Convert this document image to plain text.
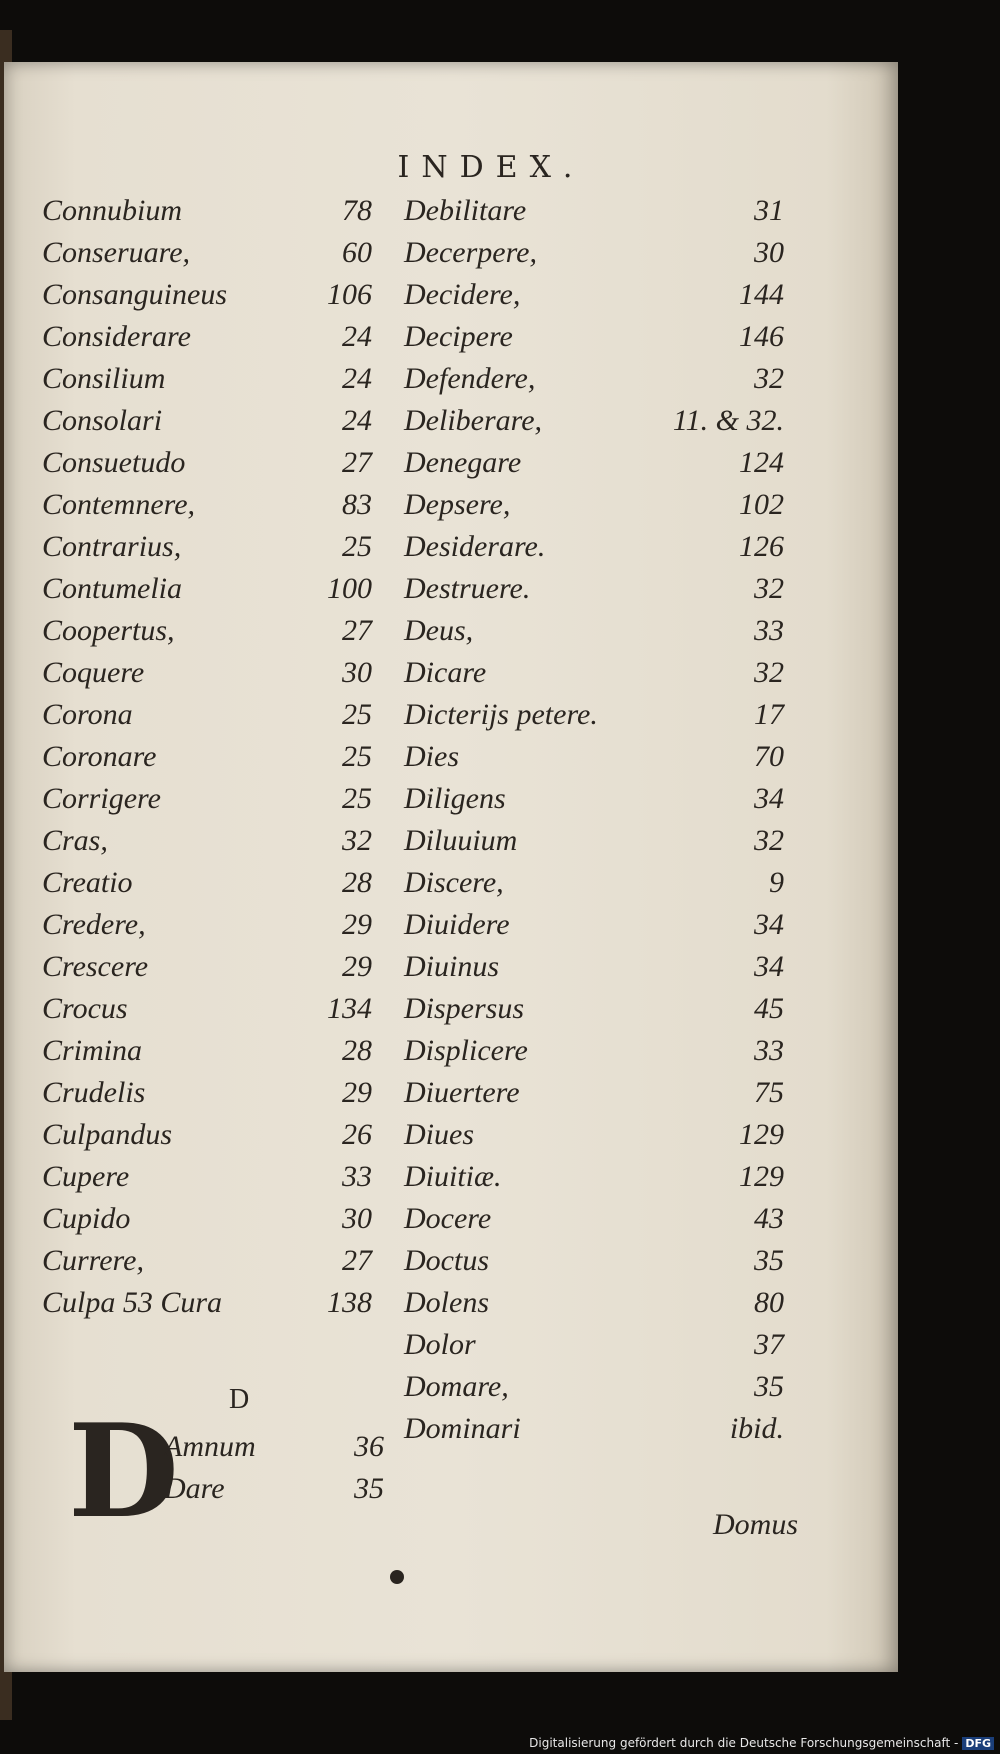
INDEX.
Connubium	78
Conseruare,	60
Consanguineus	106
Considerare	24
Consilium	24
Consolari	24
Consuetudo	27
Contemnere,	83
Contrarius,	25
Contumelia	100
Coopertus,	27
Coquere	30
Corona	25
Coronare	25
Corrigere	25
Cras,	32
Creatio	28
Credere,	29
Crescere	29
Crocus	134
Crimina	28
Crudelis	29
Culpandus	26
Cupere	33
Cupido	30
Currere,	27
Culpa 53 Cura	138
Debilitare	31
Decerpere,	30
Decidere,	144
Decipere	146
Defendere,	32
Deliberare,	11. & 32.
Denegare	124
Depsere,	102
Desiderare.	126
Destruere.	32
Deus,	33
Dicare	32
Dicterijs petere.	17
Dies	70
Diligens	34
Diluuium	32
Discere,	9
Diuidere	34
Diuinus	34
Dispersus	45
Displicere	33
Diuertere	75
Diues	129
Diuitiæ.	129
Docere	43
Doctus	35
Dolens	80
Dolor	37
Domare,	35
Dominari	ibid.
D
D
Amnum	36
Dare	35
Domus
Digitalisierung gefördert durch die Deutsche Forschungsgemeinschaft - DFG
